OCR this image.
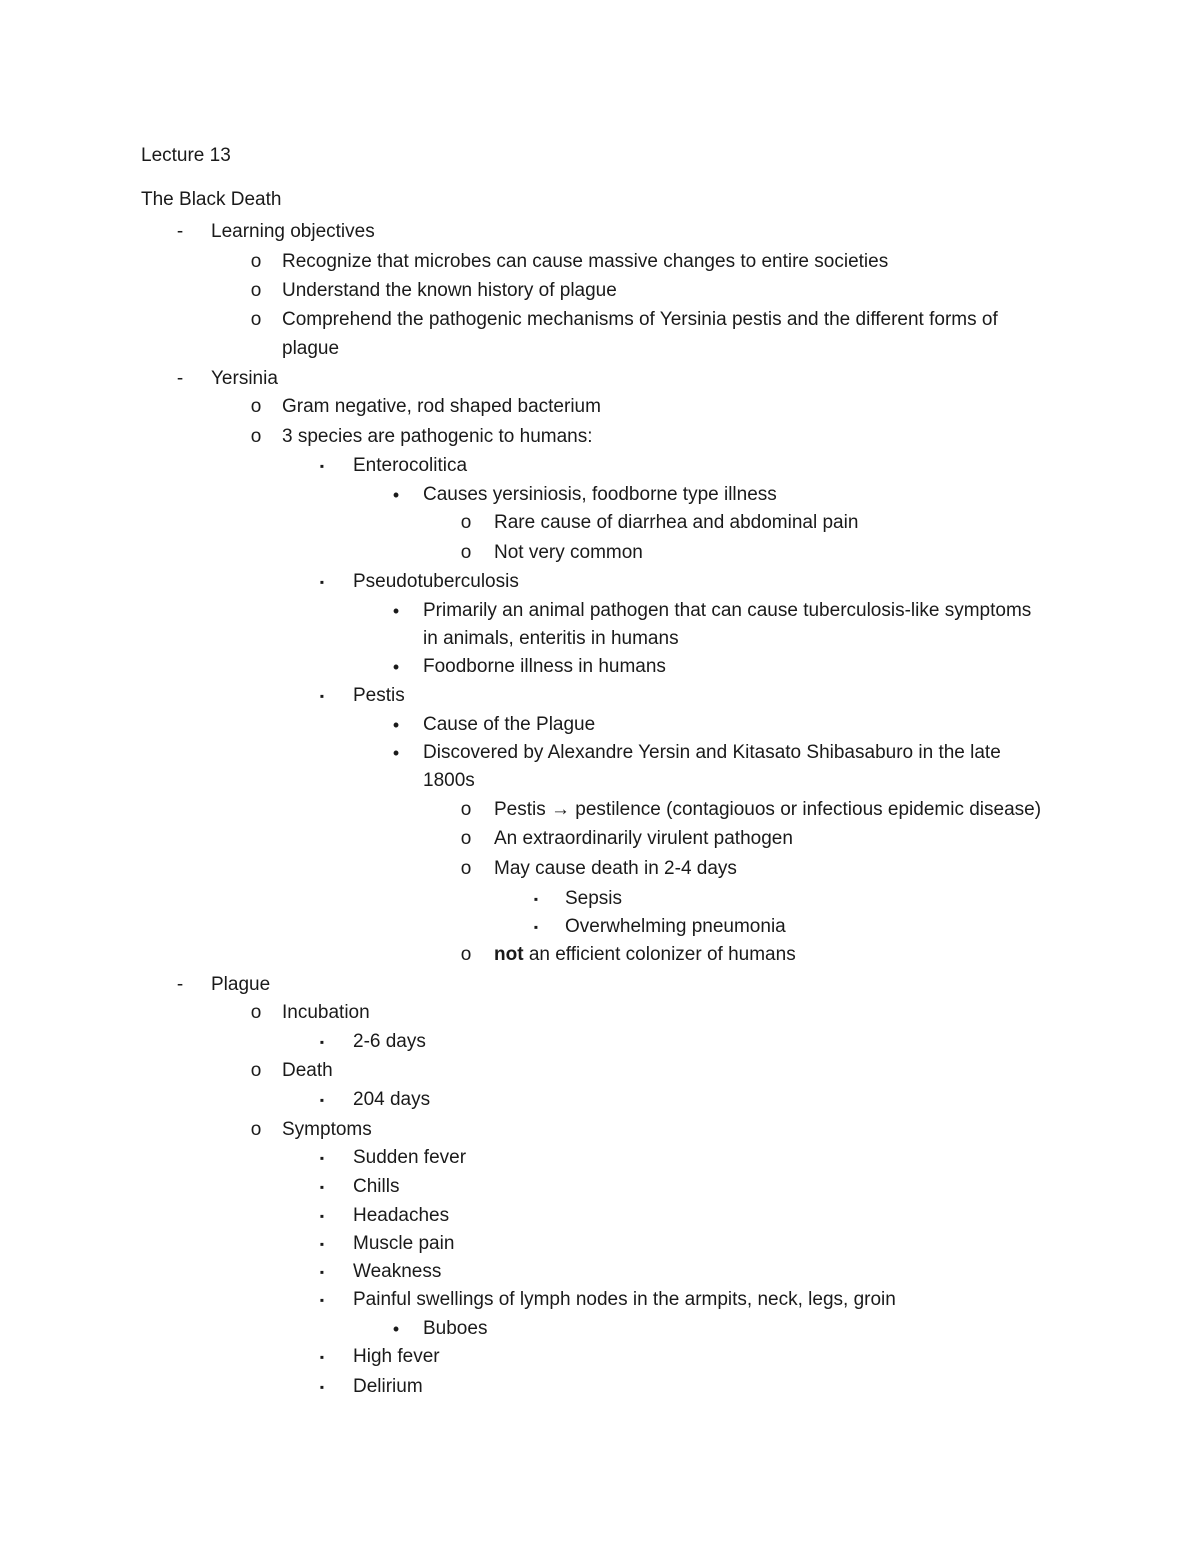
Lecture 13
The Black Death
-	Learning objectives
o Recognize that microbes can cause massive changes to entire societies
o Understand the known history of plague
o Comprehend the pathogenic mechanisms of Yersinia pestis and the different forms of
plague
-	Yersinia
o Gram negative, rod shaped bacterium
o 3 species are pathogenic to humans:
▪	Enterocolitica
•	Causes yersiniosis, foodborne type illness
o Rare cause of diarrhea and abdominal pain
o Not very common
▪	Pseudotuberculosis
•	Primarily an animal pathogen that can cause tuberculosis-like symptoms
in animals, enteritis in humans
•	Foodborne illness in humans
▪	Pestis
•	Cause of the Plague
•	Discovered by Alexandre Yersin and Kitasato Shibasaburo in the late
1800s
o Pestis → pestilence (contagiouos or infectious epidemic disease)
o An extraordinarily virulent pathogen
o May cause death in 2-4 days
▪	Sepsis
▪	Overwhelming pneumonia
o not an efficient colonizer of humans
-	Plague
o Incubation
▪	2-6 days
o Death
▪	204 days
o Symptoms
▪	Sudden fever
▪	Chills
▪	Headaches
▪	Muscle pain
▪	Weakness
▪	Painful swellings of lymph nodes in the armpits, neck, legs, groin
•	Buboes
▪	High fever
▪	Delirium
